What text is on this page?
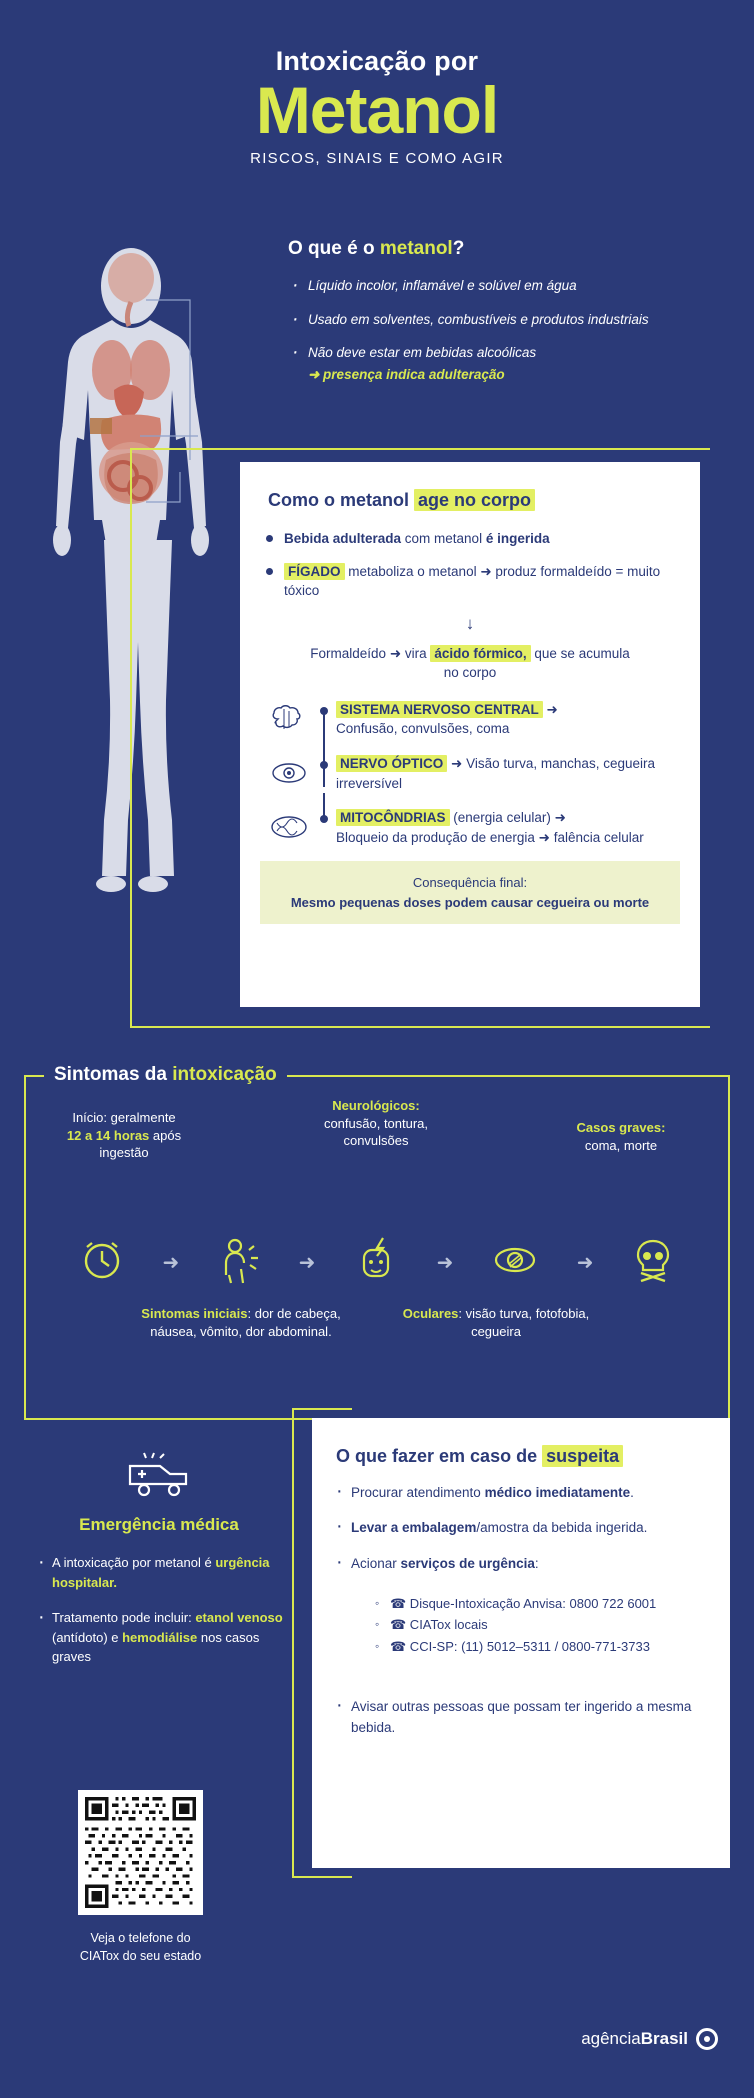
Intoxicação por
Metanol
RISCOS, SINAIS E COMO AGIR
O que é o metanol?
· Líquido incolor, inflamável e solúvel em água
· Usado em solventes, combustíveis e produtos industriais
· Não deve estar em bebidas alcoólicas
➜ presença indica adulteração
Como o metanol age no corpo
Bebida adulterada com metanol é ingerida
FÍGADO metaboliza o metanol ➜ produz formaldeído = muito tóxico
↓
Formaldeído ➜ vira ácido fórmico, que se acumula no corpo
SISTEMA NERVOSO CENTRAL ➜
Confusão, convulsões, coma
NERVO ÓPTICO ➜ Visão turva, manchas, cegueira irreversível
MITOCÔNDRIAS (energia celular) ➜
Bloqueio da produção de energia ➜ falência celular
Consequência final:
Mesmo pequenas doses podem causar cegueira ou morte
Sintomas da intoxicação
Início: geralmente
12 a 14 horas após
ingestão
Neurológicos:
confusão, tontura,
convulsões
Casos graves:
coma, morte
➜	➜	➜	➜
Sintomas iniciais: dor de cabeça, náusea, vômito, dor abdominal.
Oculares: visão turva, fotofobia, cegueira
Emergência médica
· A intoxicação por metanol é urgência hospitalar.
· Tratamento pode incluir: etanol venoso (antídoto) e hemodiálise nos casos graves
Veja o telefone do
CIATox do seu estado
O que fazer em caso de suspeita
· Procurar atendimento médico imediatamente.
· Levar a embalagem/amostra da bebida ingerida.
· Acionar serviços de urgência:
◦ ☎ Disque-Intoxicação Anvisa: 0800 722 6001
◦ ☎ CIATox locais
◦ ☎ CCI-SP: (11) 5012–5311 / 0800-771-3733
· Avisar outras pessoas que possam ter ingerido a mesma bebida.
agência Brasil
